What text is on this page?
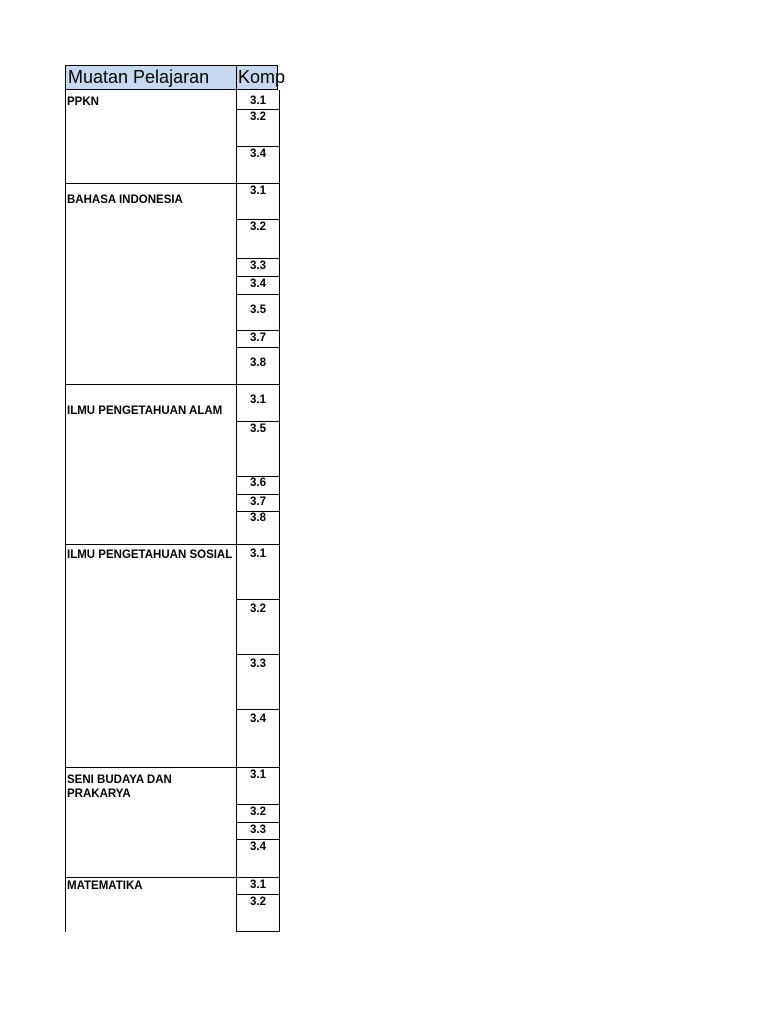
Muatan Pelajaran	Komp
PPKN
BAHASA INDONESIA
ILMU PENGETAHUAN ALAM
ILMU PENGETAHUAN SOSIAL
SENI BUDAYA DAN PRAKARYA
MATEMATIKA
3.1
3.2
3.4
3.1
3.2
3.3
3.4
3.5
3.7
3.8
3.1
3.5
3.6
3.7
3.8
3.1
3.2
3.3
3.4
3.1
3.2
3.3
3.4
3.1
3.2
